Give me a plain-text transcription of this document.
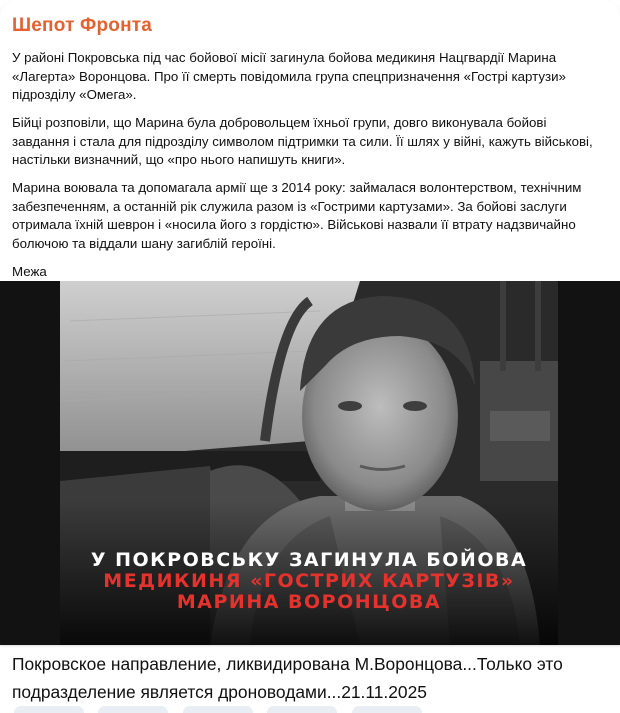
Шепот Фронта

У районі Покровська під час бойової місії загинула бойова медикиня Нацгвардії Марина «Лагерта» Воронцова. Про її смерть повідомила група спецпризначення «Гострі картузи» підрозділу «Омега».

Бійці розповіли, що Марина була добровольцем їхньої групи, довго виконувала бойові завдання і стала для підрозділу символом підтримки та сили. Її шлях у війні, кажуть військові, настільки визначний, що «про нього напишуть книги».

Марина воювала та допомагала армії ще з 2014 року: займалася волонтерством, технічним забезпеченням, а останній рік служила разом із «Гострими картузами». За бойові заслуги отримала їхній шеврон і «носила його з гордістю». Військові назвали її втрату надзвичайно болючою та віддали шану загиблій героїні.

Межа

У ПОКРОВСЬКУ ЗАГИНУЛА БОЙОВА
МЕДИКИНЯ «ГОСТРИХ КАРТУЗІВ»
МАРИНА ВОРОНЦОВА
Покровское направление, ликвидирована М.Воронцова...Только это подразделение является дроноводами...21.11.2025
